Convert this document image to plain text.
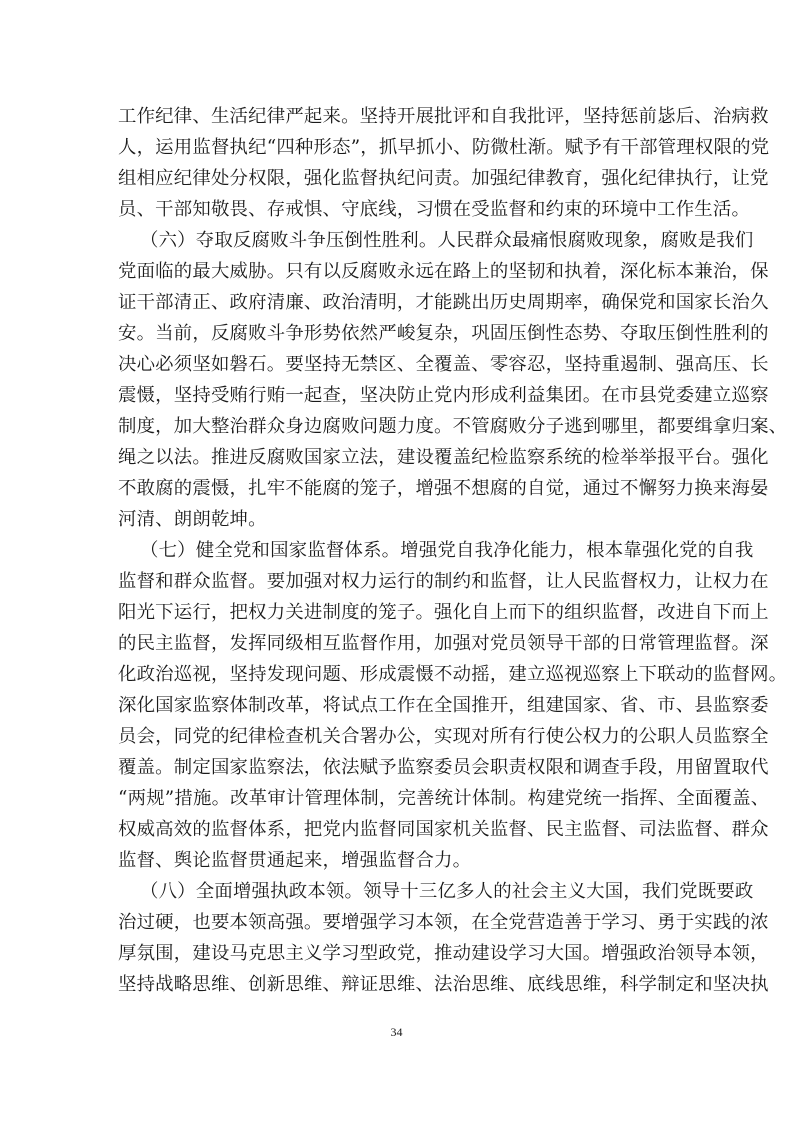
工作纪律、生活纪律严起来。坚持开展批评和自我批评，坚持惩前毖后、治病救
人，运用监督执纪“四种形态”，抓早抓小、防微杜渐。赋予有干部管理权限的党
组相应纪律处分权限，强化监督执纪问责。加强纪律教育，强化纪律执行，让党
员、干部知敬畏、存戒惧、守底线，习惯在受监督和约束的环境中工作生活。
（六）夺取反腐败斗争压倒性胜利。人民群众最痛恨腐败现象，腐败是我们
党面临的最大威胁。只有以反腐败永远在路上的坚韧和执着，深化标本兼治，保
证干部清正、政府清廉、政治清明，才能跳出历史周期率，确保党和国家长治久
安。当前，反腐败斗争形势依然严峻复杂，巩固压倒性态势、夺取压倒性胜利的
决心必须坚如磐石。要坚持无禁区、全覆盖、零容忍，坚持重遏制、强高压、长
震慑，坚持受贿行贿一起查，坚决防止党内形成利益集团。在市县党委建立巡察
制度，加大整治群众身边腐败问题力度。不管腐败分子逃到哪里，都要缉拿归案、
绳之以法。推进反腐败国家立法，建设覆盖纪检监察系统的检举举报平台。强化
不敢腐的震慑，扎牢不能腐的笼子，增强不想腐的自觉，通过不懈努力换来海晏
河清、朗朗乾坤。
（七）健全党和国家监督体系。增强党自我净化能力，根本靠强化党的自我
监督和群众监督。要加强对权力运行的制约和监督，让人民监督权力，让权力在
阳光下运行，把权力关进制度的笼子。强化自上而下的组织监督，改进自下而上
的民主监督，发挥同级相互监督作用，加强对党员领导干部的日常管理监督。深
化政治巡视，坚持发现问题、形成震慑不动摇，建立巡视巡察上下联动的监督网。
深化国家监察体制改革，将试点工作在全国推开，组建国家、省、市、县监察委
员会，同党的纪律检查机关合署办公，实现对所有行使公权力的公职人员监察全
覆盖。制定国家监察法，依法赋予监察委员会职责权限和调查手段，用留置取代
“两规”措施。改革审计管理体制，完善统计体制。构建党统一指挥、全面覆盖、
权威高效的监督体系，把党内监督同国家机关监督、民主监督、司法监督、群众
监督、舆论监督贯通起来，增强监督合力。
（八）全面增强执政本领。领导十三亿多人的社会主义大国，我们党既要政
治过硬，也要本领高强。要增强学习本领，在全党营造善于学习、勇于实践的浓
厚氛围，建设马克思主义学习型政党，推动建设学习大国。增强政治领导本领，
坚持战略思维、创新思维、辩证思维、法治思维、底线思维，科学制定和坚决执
34
